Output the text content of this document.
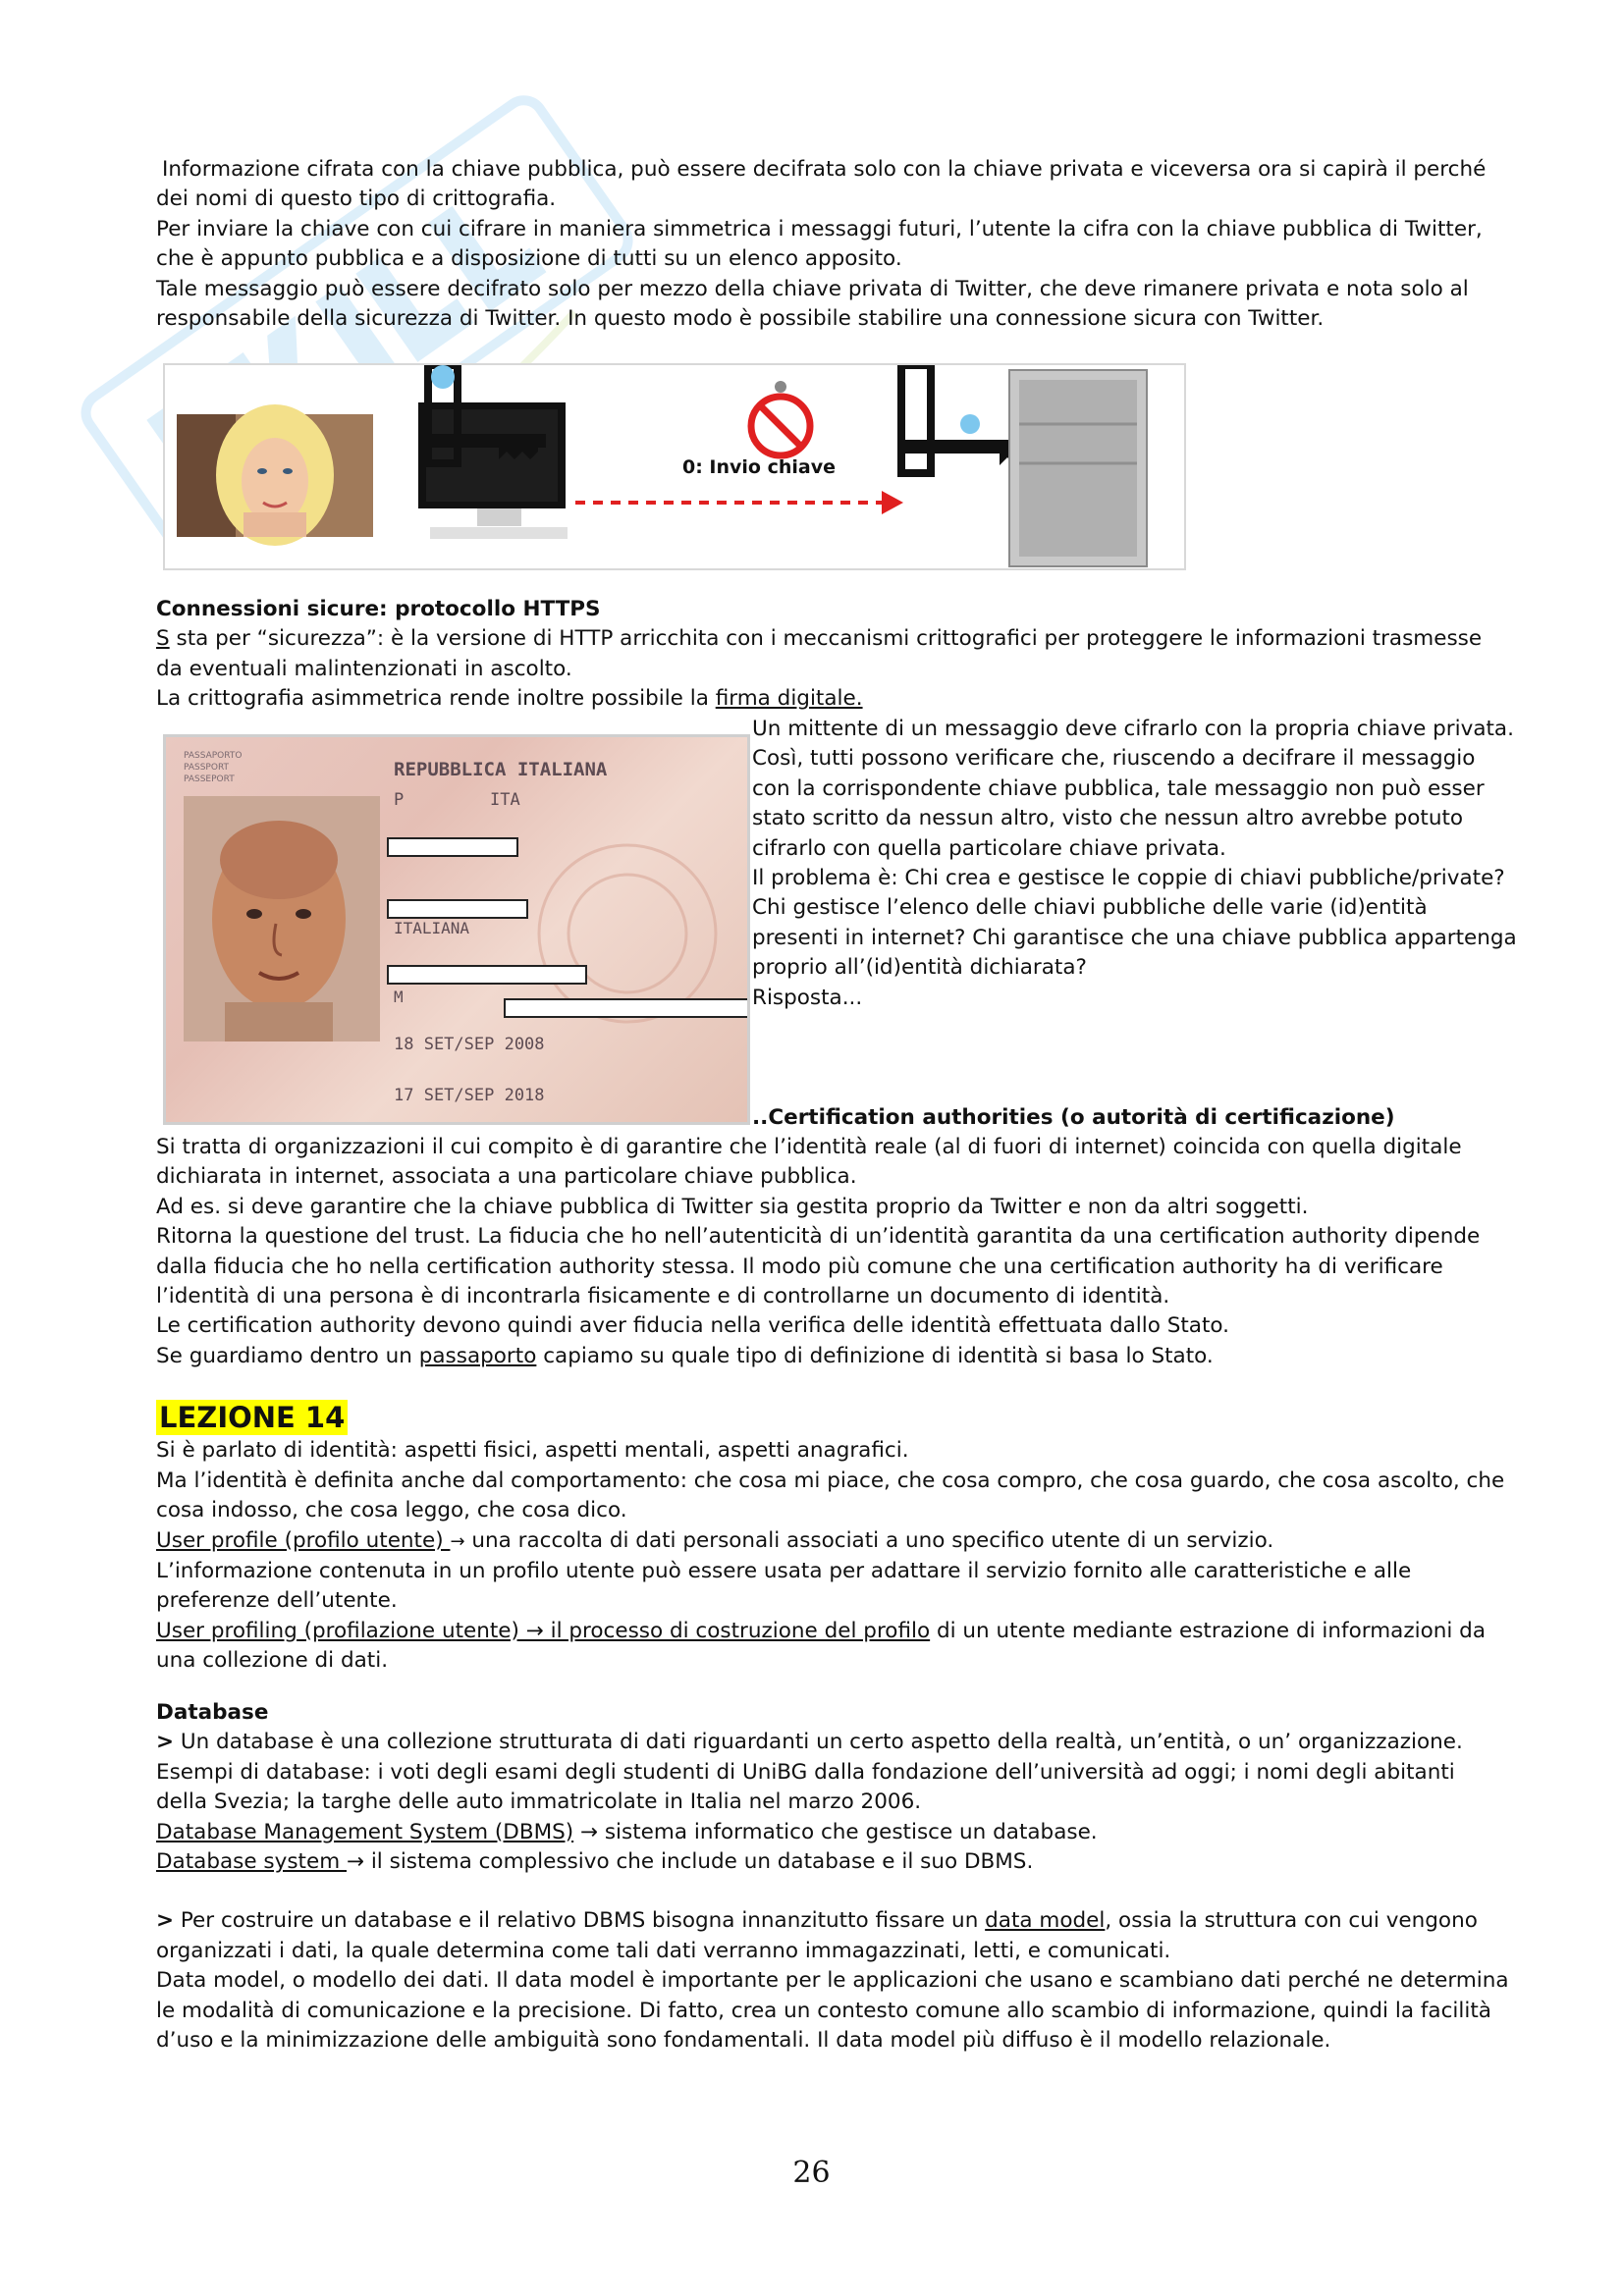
Informazione cifrata con la chiave pubblica, può essere decifrata solo con la chiave privata e viceversa ora si capirà il perché dei nomi di questo tipo di crittografia.

Per inviare la chiave con cui cifrare in maniera simmetrica i messaggi futuri, l’utente la cifra con la chiave pubblica di Twitter, che è appunto pubblica e a disposizione di tutti su un elenco apposito.

Tale messaggio può essere decifrato solo per mezzo della chiave privata di Twitter, che deve rimanere privata e nota solo al responsabile della sicurezza di Twitter. In questo modo è possibile stabilire una connessione sicura con Twitter.

0: Invio chiave

Connessioni sicure: protocollo HTTPS

S sta per “sicurezza”: è la versione di HTTP arricchita con i meccanismi crittografici per proteggere le informazioni trasmesse da eventuali malintenzionati in ascolto.

La crittografia asimmetrica rende inoltre possibile la firma digitale.

PASSAPORTO
PASSPORT
PASSEPORT	REPUBBLICA ITALIANA
P	ITA
ITALIANA
M
18 SET/SEP 2008
17 SET/SEP 2018

Un mittente di un messaggio deve cifrarlo con la propria chiave privata. Così, tutti possono verificare che, riuscendo a decifrare il messaggio con la corrispondente chiave pubblica, tale messaggio non può esser stato scritto da nessun altro, visto che nessun altro avrebbe potuto cifrarlo con quella particolare chiave privata.

Il problema è: Chi crea e gestisce le coppie di chiavi pubbliche/private? Chi gestisce l’elenco delle chiavi pubbliche delle varie (id)entità presenti in internet? Chi garantisce che una chiave pubblica appartenga proprio all’(id)entità dichiarata?

Risposta...

..Certification authorities (o autorità di certificazione)

Si tratta di organizzazioni il cui compito è di garantire che l’identità reale (al di fuori di internet) coincida con quella digitale dichiarata in internet, associata a una particolare chiave pubblica.

Ad es. si deve garantire che la chiave pubblica di Twitter sia gestita proprio da Twitter e non da altri soggetti.

Ritorna la questione del trust. La fiducia che ho nell’autenticità di un’identità garantita da una certification authority dipende dalla fiducia che ho nella certification authority stessa. Il modo più comune che una certification authority ha di verificare l’identità di una persona è di incontrarla fisicamente e di controllarne un documento di identità.

Le certification authority devono quindi aver fiducia nella verifica delle identità effettuata dallo Stato.

Se guardiamo dentro un passaporto capiamo su quale tipo di definizione di identità si basa lo Stato.

LEZIONE 14

Si è parlato di identità: aspetti fisici, aspetti mentali, aspetti anagrafici.

Ma l’identità è definita anche dal comportamento: che cosa mi piace, che cosa compro, che cosa guardo, che cosa ascolto, che cosa indosso, che cosa leggo, che cosa dico.

User profile (profilo utente) → una raccolta di dati personali associati a uno specifico utente di un servizio.

L’informazione contenuta in un profilo utente può essere usata per adattare il servizio fornito alle caratteristiche e alle preferenze dell’utente.

User profiling (profilazione utente) → il processo di costruzione del profilo di un utente mediante estrazione di informazioni da una collezione di dati.

Database

> Un database è una collezione strutturata di dati riguardanti un certo aspetto della realtà, un’entità, o un’ organizzazione.

Esempi di database: i voti degli esami degli studenti di UniBG dalla fondazione dell’università ad oggi; i nomi degli abitanti della Svezia; la targhe delle auto immatricolate in Italia nel marzo 2006.

Database Management System (DBMS) → sistema informatico che gestisce un database.

Database system → il sistema complessivo che include un database e il suo DBMS.

> Per costruire un database e il relativo DBMS bisogna innanzitutto fissare un data model, ossia la struttura con cui vengono organizzati i dati, la quale determina come tali dati verranno immagazzinati, letti, e comunicati.

Data model, o modello dei dati. Il data model è importante per le applicazioni che usano e scambiano dati perché ne determina le modalità di comunicazione e la precisione. Di fatto, crea un contesto comune allo scambio di informazione, quindi la facilità d’uso e la minimizzazione delle ambiguità sono fondamentali. Il data model più diffuso è il modello relazionale.

26
